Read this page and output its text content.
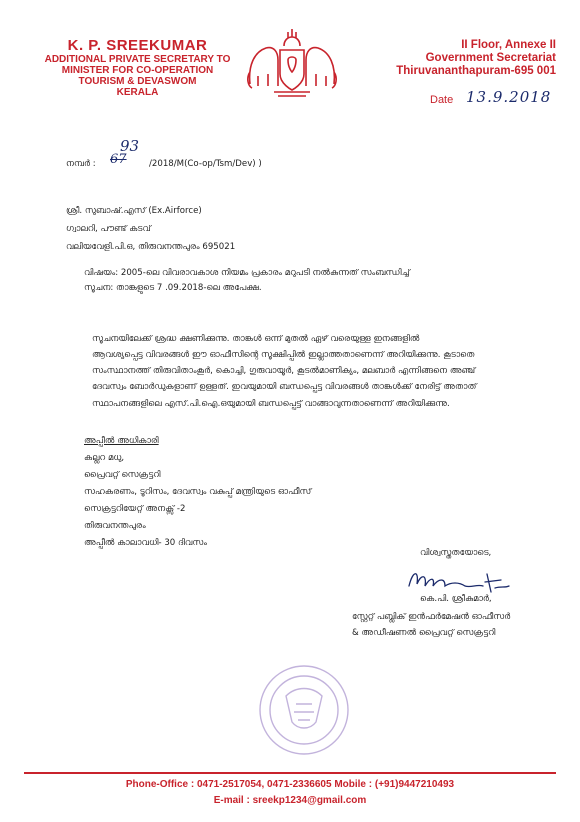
K. P. SREEKUMAR
ADDITIONAL PRIVATE SECRETARY TO
MINISTER FOR CO-OPERATION
TOURISM & DEVASWOM
KERALA
II Floor, Annexe II
Government Secretariat
Thiruvananthapuram-695 001
Date 13.9.2018
നമ്പർ : 67
93
/2018/M(Co-op/Tsm/Dev) )
ശ്രീ. സുബാഷ്.എസ് (Ex.Airforce)
ഗ്വാലറി, പൗണ്ട് കടവ്
വലിയവേളി.പി.ഒ, തിരുവനന്തപുരം 695021
വിഷയം: 2005-ലെ വിവരാവകാശ നിയമം പ്രകാരം മറുപടി നൽകുന്നത് സംബന്ധിച്ച്
സൂചന: താങ്കളുടെ 7 .09.2018-ലെ അപേക്ഷ.
സൂചനയിലേക്ക് ശ്രദ്ധ ക്ഷണിക്കുന്നു. താങ്കൾ ഒന്ന് മുതൽ ഏഴ് വരെയുള്ള ഇനങ്ങളിൽ
ആവശ്യപ്പെട്ട വിവരങ്ങൾ ഈ ഓഫീസിന്റെ സൂക്ഷിപ്പിൽ ഇല്ലാത്തതാണെന്ന് അറിയിക്കുന്നു. കൂടാതെ
സംസ്ഥാനത്ത് തിരുവിതാംകൂർ, കൊച്ചി, ഗുരുവായൂർ, കൂടൽമാണിക്യം, മലബാർ എന്നിങ്ങനെ അഞ്ച്
ദേവസ്വം ബോർഡുകളാണ് ഉള്ളത്. ഇവയുമായി ബന്ധപ്പെട്ട വിവരങ്ങൾ താങ്കൾക്ക് നേരിട്ട് അതാത്
സ്ഥാപനങ്ങളിലെ എസ്.പി.ഐ.ഒയുമായി ബന്ധപ്പെട്ട് വാങ്ങാവുന്നതാണെന്ന് അറിയിക്കുന്നു.
അപ്പീൽ അധികാരി
കല്ലറ മധു,
പ്രൈവറ്റ് സെക്രട്ടറി
സഹകരണം, ടൂറിസം, ദേവസ്വം വകുപ്പ് മന്ത്രിയുടെ ഓഫീസ്
സെക്രട്ടറിയേറ്റ് അനക്സ് -2
തിരുവനന്തപുരം
അപ്പീൽ കാലാവധി- 30 ദിവസം
വിശ്വസ്തതയോടെ,
കെ.പി. ശ്രീകുമാർ,
സ്റ്റേറ്റ് പബ്ലിക് ഇൻഫർമേഷൻ ഓഫീസർ
& അഡീഷണൽ പ്രൈവറ്റ് സെക്രട്ടറി
Phone-Office : 0471-2517054, 0471-2336605 Mobile : (+91)9447210493
E-mail : sreekp1234@gmail.com
